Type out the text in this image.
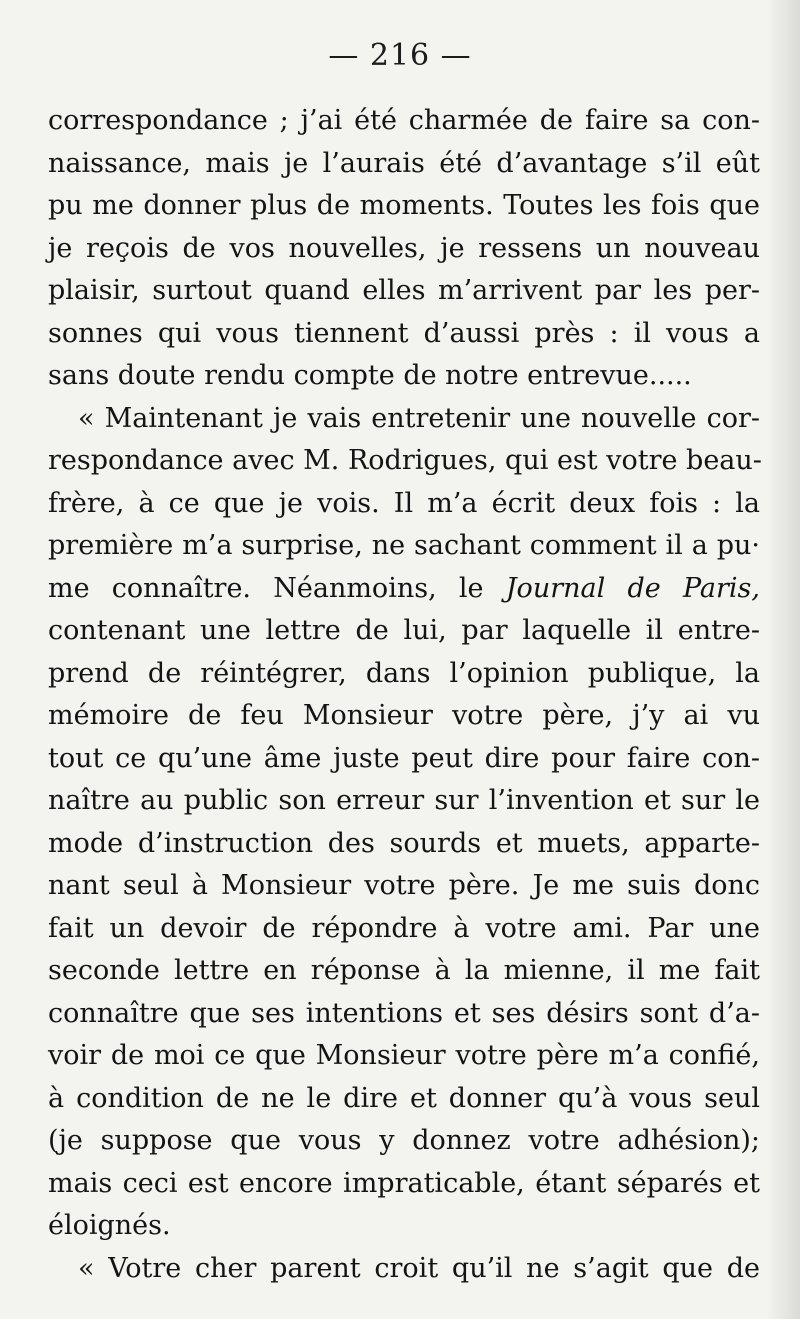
— 216 —
correspondance ; j’ai été charmée de faire sa con-
naissance, mais je l’aurais été d’avantage s’il eût
pu me donner plus de moments. Toutes les fois que
je reçois de vos nouvelles, je ressens un nouveau
plaisir, surtout quand elles m’arrivent par les per-
sonnes qui vous tiennent d’aussi près : il vous a
sans doute rendu compte de notre entrevue.....
« Maintenant je vais entretenir une nouvelle cor-
respondance avec M. Rodrigues, qui est votre beau-
frère, à ce que je vois. Il m’a écrit deux fois : la
première m’a surprise, ne sachant comment il a pu·
me connaître. Néanmoins, le Journal de Paris,
contenant une lettre de lui, par laquelle il entre-
prend de réintégrer, dans l’opinion publique, la
mémoire de feu Monsieur votre père, j’y ai vu
tout ce qu’une âme juste peut dire pour faire con-
naître au public son erreur sur l’invention et sur le
mode d’instruction des sourds et muets, apparte-
nant seul à Monsieur votre père. Je me suis donc
fait un devoir de répondre à votre ami. Par une
seconde lettre en réponse à la mienne, il me fait
connaître que ses intentions et ses désirs sont d’a-
voir de moi ce que Monsieur votre père m’a confié,
à condition de ne le dire et donner qu’à vous seul
(je suppose que vous y donnez votre adhésion);
mais ceci est encore impraticable, étant séparés et
éloignés.
« Votre cher parent croit qu’il ne s’agit que de
